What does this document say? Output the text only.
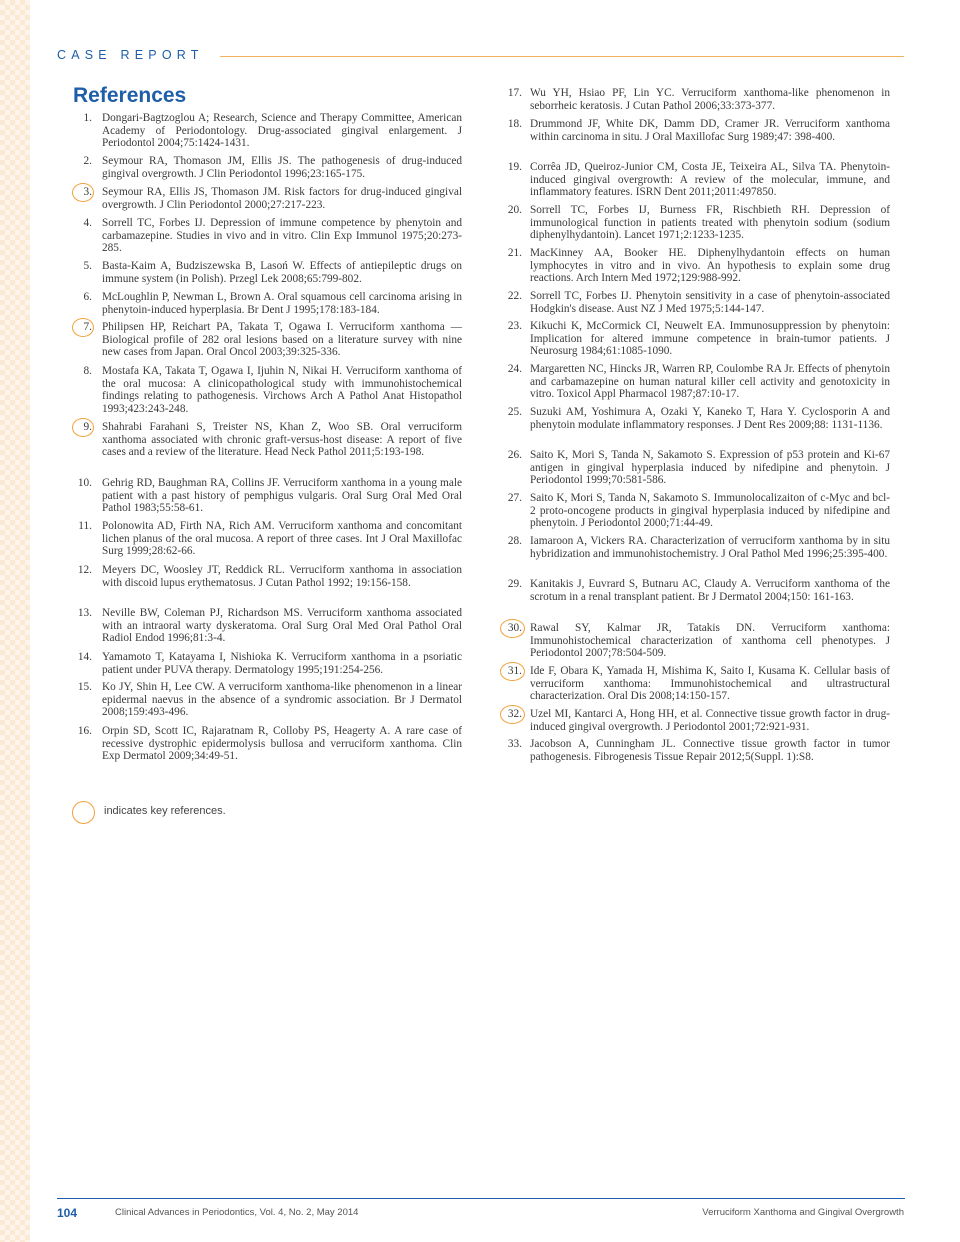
CASE REPORT
References
1. Dongari-Bagtzoglou A; Research, Science and Therapy Committee, American Academy of Periodontology. Drug-associated gingival enlargement. J Periodontol 2004;75:1424-1431.
2. Seymour RA, Thomason JM, Ellis JS. The pathogenesis of drug-induced gingival overgrowth. J Clin Periodontol 1996;23:165-175.
3. Seymour RA, Ellis JS, Thomason JM. Risk factors for drug-induced gingival overgrowth. J Clin Periodontol 2000;27:217-223.
4. Sorrell TC, Forbes IJ. Depression of immune competence by phenytoin and carbamazepine. Studies in vivo and in vitro. Clin Exp Immunol 1975;20:273-285.
5. Basta-Kaim A, Budziszewska B, Lasoń W. Effects of antiepileptic drugs on immune system (in Polish). Przegl Lek 2008;65:799-802.
6. McLoughlin P, Newman L, Brown A. Oral squamous cell carcinoma arising in phenytoin-induced hyperplasia. Br Dent J 1995;178:183-184.
7. Philipsen HP, Reichart PA, Takata T, Ogawa I. Verruciform xanthoma — Biological profile of 282 oral lesions based on a literature survey with nine new cases from Japan. Oral Oncol 2003;39:325-336.
8. Mostafa KA, Takata T, Ogawa I, Ijuhin N, Nikai H. Verruciform xanthoma of the oral mucosa: A clinicopathological study with immunohistochemical findings relating to pathogenesis. Virchows Arch A Pathol Anat Histopathol 1993;423:243-248.
9. Shahrabi Farahani S, Treister NS, Khan Z, Woo SB. Oral verruciform xanthoma associated with chronic graft-versus-host disease: A report of five cases and a review of the literature. Head Neck Pathol 2011;5:193-198.
10. Gehrig RD, Baughman RA, Collins JF. Verruciform xanthoma in a young male patient with a past history of pemphigus vulgaris. Oral Surg Oral Med Oral Pathol 1983;55:58-61.
11. Polonowita AD, Firth NA, Rich AM. Verruciform xanthoma and concomitant lichen planus of the oral mucosa. A report of three cases. Int J Oral Maxillofac Surg 1999;28:62-66.
12. Meyers DC, Woosley JT, Reddick RL. Verruciform xanthoma in association with discoid lupus erythematosus. J Cutan Pathol 1992; 19:156-158.
13. Neville BW, Coleman PJ, Richardson MS. Verruciform xanthoma associated with an intraoral warty dyskeratoma. Oral Surg Oral Med Oral Pathol Oral Radiol Endod 1996;81:3-4.
14. Yamamoto T, Katayama I, Nishioka K. Verruciform xanthoma in a psoriatic patient under PUVA therapy. Dermatology 1995;191:254-256.
15. Ko JY, Shin H, Lee CW. A verruciform xanthoma-like phenomenon in a linear epidermal naevus in the absence of a syndromic association. Br J Dermatol 2008;159:493-496.
16. Orpin SD, Scott IC, Rajaratnam R, Colloby PS, Heagerty A. A rare case of recessive dystrophic epidermolysis bullosa and verruciform xanthoma. Clin Exp Dermatol 2009;34:49-51.
17. Wu YH, Hsiao PF, Lin YC. Verruciform xanthoma-like phenomenon in seborrheic keratosis. J Cutan Pathol 2006;33:373-377.
18. Drummond JF, White DK, Damm DD, Cramer JR. Verruciform xanthoma within carcinoma in situ. J Oral Maxillofac Surg 1989;47: 398-400.
19. Corrêa JD, Queiroz-Junior CM, Costa JE, Teixeira AL, Silva TA. Phenytoin-induced gingival overgrowth: A review of the molecular, immune, and inflammatory features. ISRN Dent 2011;2011:497850.
20. Sorrell TC, Forbes IJ, Burness FR, Rischbieth RH. Depression of immunological function in patients treated with phenytoin sodium (sodium diphenylhydantoin). Lancet 1971;2:1233-1235.
21. MacKinney AA, Booker HE. Diphenylhydantoin effects on human lymphocytes in vitro and in vivo. An hypothesis to explain some drug reactions. Arch Intern Med 1972;129:988-992.
22. Sorrell TC, Forbes IJ. Phenytoin sensitivity in a case of phenytoin-associated Hodgkin's disease. Aust NZ J Med 1975;5:144-147.
23. Kikuchi K, McCormick CI, Neuwelt EA. Immunosuppression by phenytoin: Implication for altered immune competence in brain-tumor patients. J Neurosurg 1984;61:1085-1090.
24. Margaretten NC, Hincks JR, Warren RP, Coulombe RA Jr. Effects of phenytoin and carbamazepine on human natural killer cell activity and genotoxicity in vitro. Toxicol Appl Pharmacol 1987;87:10-17.
25. Suzuki AM, Yoshimura A, Ozaki Y, Kaneko T, Hara Y. Cyclosporin A and phenytoin modulate inflammatory responses. J Dent Res 2009;88: 1131-1136.
26. Saito K, Mori S, Tanda N, Sakamoto S. Expression of p53 protein and Ki-67 antigen in gingival hyperplasia induced by nifedipine and phenytoin. J Periodontol 1999;70:581-586.
27. Saito K, Mori S, Tanda N, Sakamoto S. Immunolocalizaiton of c-Myc and bcl-2 proto-oncogene products in gingival hyperplasia induced by nifedipine and phenytoin. J Periodontol 2000;71:44-49.
28. Iamaroon A, Vickers RA. Characterization of verruciform xanthoma by in situ hybridization and immunohistochemistry. J Oral Pathol Med 1996;25:395-400.
29. Kanitakis J, Euvrard S, Butnaru AC, Claudy A. Verruciform xanthoma of the scrotum in a renal transplant patient. Br J Dermatol 2004;150: 161-163.
30. Rawal SY, Kalmar JR, Tatakis DN. Verruciform xanthoma: Immunohistochemical characterization of xanthoma cell phenotypes. J Periodontol 2007;78:504-509.
31. Ide F, Obara K, Yamada H, Mishima K, Saito I, Kusama K. Cellular basis of verruciform xanthoma: Immunohistochemical and ultrastructural characterization. Oral Dis 2008;14:150-157.
32. Uzel MI, Kantarci A, Hong HH, et al. Connective tissue growth factor in drug-induced gingival overgrowth. J Periodontol 2001;72:921-931.
33. Jacobson A, Cunningham JL. Connective tissue growth factor in tumor pathogenesis. Fibrogenesis Tissue Repair 2012;5(Suppl. 1):S8.
indicates key references.
104	Clinical Advances in Periodontics, Vol. 4, No. 2, May 2014	Verruciform Xanthoma and Gingival Overgrowth
